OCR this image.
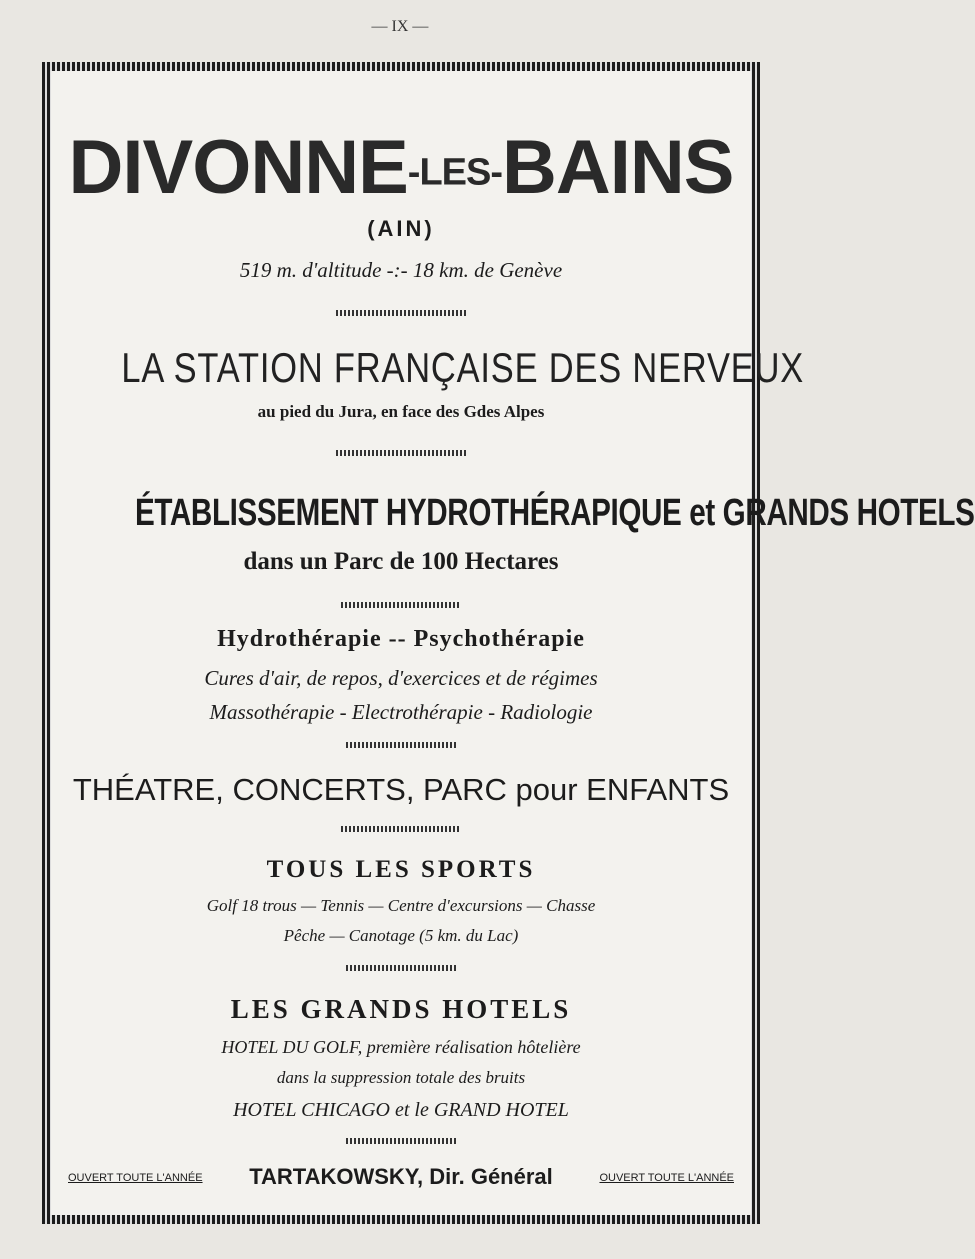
— IX —
DIVONNE-LES-BAINS
(AIN)
519 m. d'altitude -:- 18 km. de Genève
LA STATION FRANÇAISE DES NERVEUX
au pied du Jura, en face des Gdes Alpes
ÉTABLISSEMENT HYDROTHÉRAPIQUE et GRANDS HOTELS
dans un Parc de 100 Hectares
Hydrothérapie -- Psychothérapie
Cures d'air, de repos, d'exercices et de régimes
Massothérapie - Electrothérapie - Radiologie
THÉATRE, CONCERTS, PARC pour ENFANTS
TOUS LES SPORTS
Golf 18 trous — Tennis — Centre d'excursions — Chasse
Pêche — Canotage (5 km. du Lac)
LES GRANDS HOTELS
HOTEL DU GOLF, première réalisation hôtelière
dans la suppression totale des bruits
HOTEL CHICAGO et le GRAND HOTEL
OUVERT TOUTE L'ANNÉE	TARTAKOWSKY, Dir. Général	OUVERT TOUTE L'ANNÉE
